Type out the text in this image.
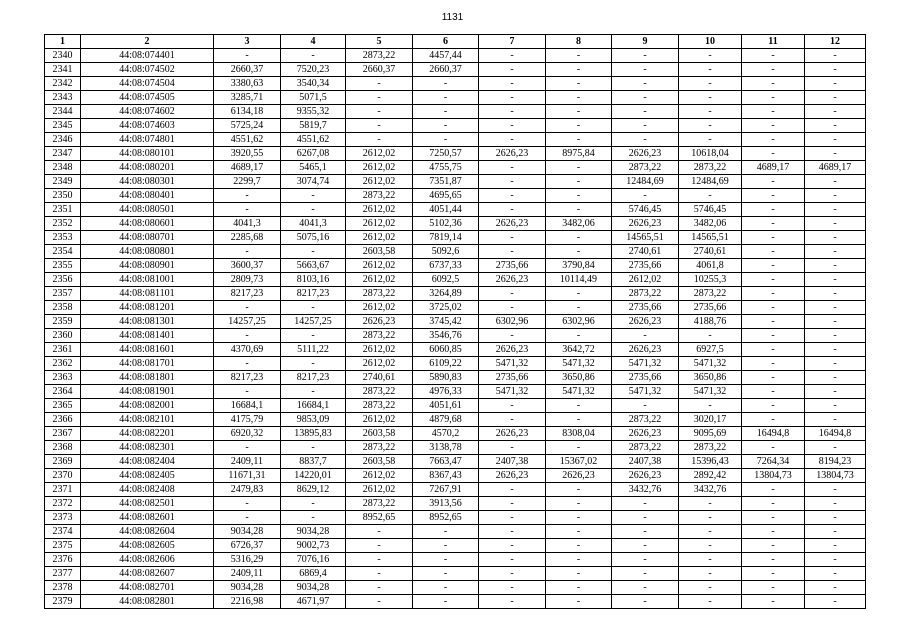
1131
1	2	3	4	5	6	7	8	9	10	11	12
2340	44:08:074401	-	-	2873,22	4457,44	-	-	-	-	-	-
2341	44:08:074502	2660,37	7520,23	2660,37	2660,37	-	-	-	-	-	-
2342	44:08:074504	3380,63	3540,34	-	-	-	-	-	-	-	-
2343	44:08:074505	3285,71	5071,5	-	-	-	-	-	-	-	-
2344	44:08:074602	6134,18	9355,32	-	-	-	-	-	-	-	-
2345	44:08:074603	5725,24	5819,7	-	-	-	-	-	-	-	-
2346	44:08:074801	4551,62	4551,62	-	-	-	-	-	-	-	-
2347	44:08:080101	3920,55	6267,08	2612,02	7250,57	2626,23	8975,84	2626,23	10618,04	-	-
2348	44:08:080201	4689,17	5465,1	2612,02	4755,75	-	-	2873,22	2873,22	4689,17	4689,17
2349	44:08:080301	2299,7	3074,74	2612,02	7351,87	-	-	12484,69	12484,69	-	-
2350	44:08:080401	-	-	2873,22	4695,65	-	-	-	-	-	-
2351	44:08:080501	-	-	2612,02	4051,44	-	-	5746,45	5746,45	-	-
2352	44:08:080601	4041,3	4041,3	2612,02	5102,36	2626,23	3482,06	2626,23	3482,06	-	-
2353	44:08:080701	2285,68	5075,16	2612,02	7819,14	-	-	14565,51	14565,51	-	-
2354	44:08:080801	-	-	2603,58	5092,6	-	-	2740,61	2740,61	-	-
2355	44:08:080901	3600,37	5663,67	2612,02	6737,33	2735,66	3790,84	2735,66	4061,8	-	-
2356	44:08:081001	2809,73	8103,16	2612,02	6092,5	2626,23	10114,49	2612,02	10255,3	-	-
2357	44:08:081101	8217,23	8217,23	2873,22	3264,89	-	-	2873,22	2873,22	-	-
2358	44:08:081201	-	-	2612,02	3725,02	-	-	2735,66	2735,66	-	-
2359	44:08:081301	14257,25	14257,25	2626,23	3745,42	6302,96	6302,96	2626,23	4188,76	-	-
2360	44:08:081401	-	-	2873,22	3546,76	-	-	-	-	-	-
2361	44:08:081601	4370,69	5111,22	2612,02	6060,85	2626,23	3642,72	2626,23	6927,5	-	-
2362	44:08:081701	-	-	2612,02	6109,22	5471,32	5471,32	5471,32	5471,32	-	-
2363	44:08:081801	8217,23	8217,23	2740,61	5890,83	2735,66	3650,86	2735,66	3650,86	-	-
2364	44:08:081901	-	-	2873,22	4976,33	5471,32	5471,32	5471,32	5471,32	-	-
2365	44:08:082001	16684,1	16684,1	2873,22	4051,61	-	-	-	-	-	-
2366	44:08:082101	4175,79	9853,09	2612,02	4879,68	-	-	2873,22	3020,17	-	-
2367	44:08:082201	6920,32	13895,83	2603,58	4570,2	2626,23	8308,04	2626,23	9095,69	16494,8	16494,8
2368	44:08:082301	-	-	2873,22	3138,78	-	-	2873,22	2873,22	-	-
2369	44:08:082404	2409,11	8837,7	2603,58	7663,47	2407,38	15367,02	2407,38	15396,43	7264,34	8194,23
2370	44:08:082405	11671,31	14220,01	2612,02	8367,43	2626,23	2626,23	2626,23	2892,42	13804,73	13804,73
2371	44:08:082408	2479,83	8629,12	2612,02	7267,91	-	-	3432,76	3432,76	-	-
2372	44:08:082501	-	-	2873,22	3913,56	-	-	-	-	-	-
2373	44:08:082601	-	-	8952,65	8952,65	-	-	-	-	-	-
2374	44:08:082604	9034,28	9034,28	-	-	-	-	-	-	-	-
2375	44:08:082605	6726,37	9002,73	-	-	-	-	-	-	-	-
2376	44:08:082606	5316,29	7076,16	-	-	-	-	-	-	-	-
2377	44:08:082607	2409,11	6869,4	-	-	-	-	-	-	-	-
2378	44:08:082701	9034,28	9034,28	-	-	-	-	-	-	-	-
2379	44:08:082801	2216,98	4671,97	-	-	-	-	-	-	-	-
